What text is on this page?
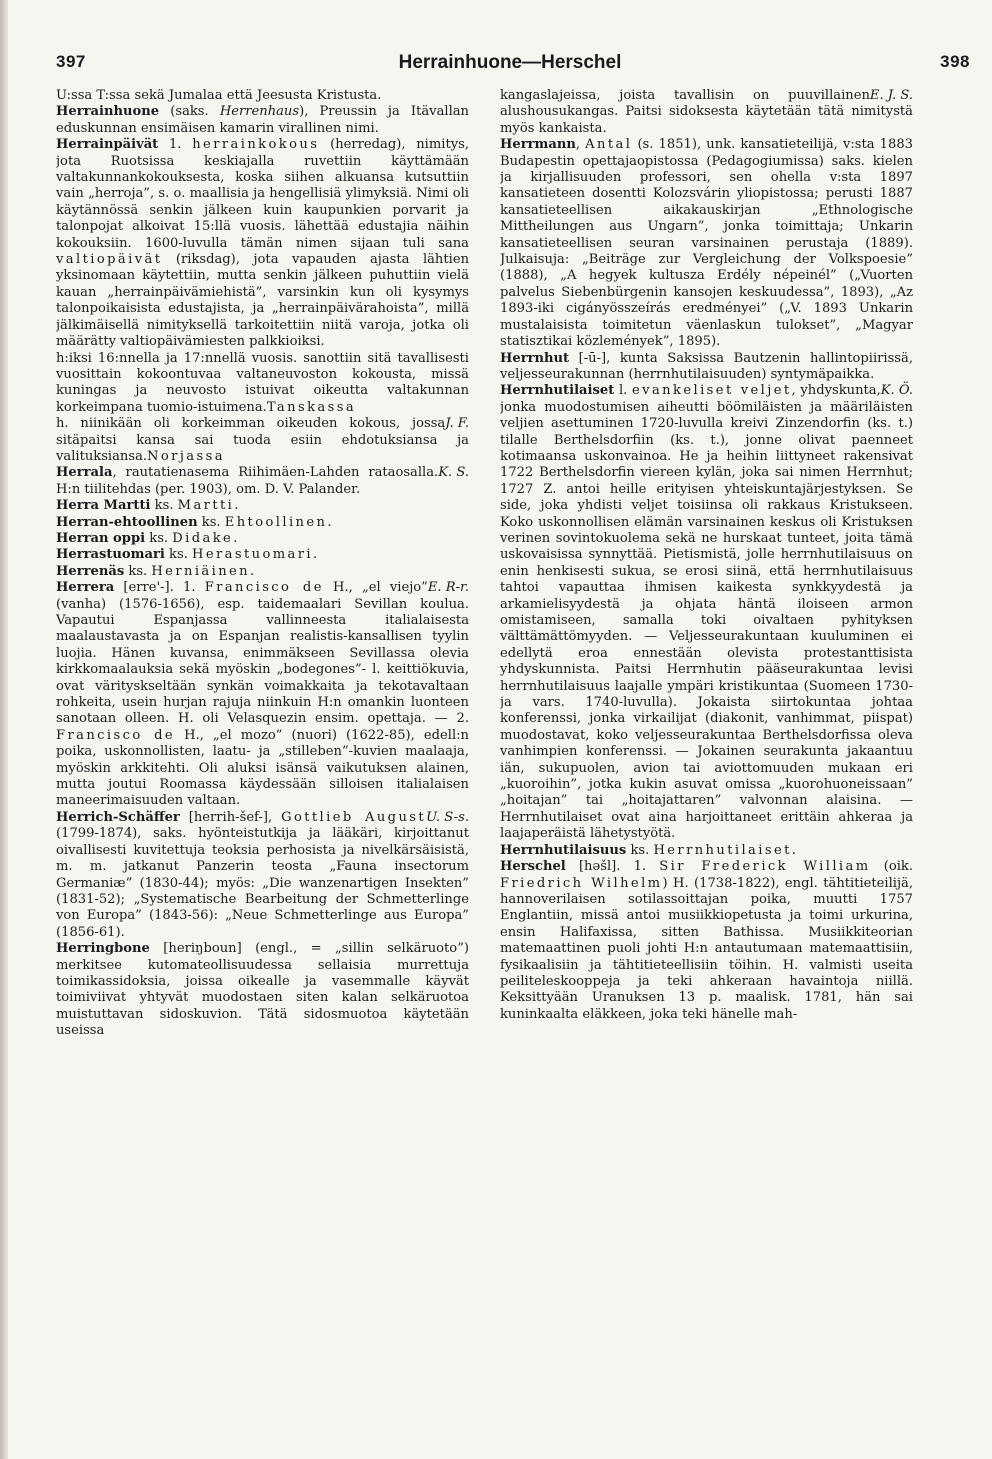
397	Herrainhuone—Herschel	398

U:ssa T:ssa sekä Jumalaa että Jeesusta Kristusta.

Herrainhuone (saks. Herrenhaus), Preussin ja Itävallan eduskunnan ensimäisen kamarin virallinen nimi.

Herrainpäivät 1. herrainkokous (herredag), nimitys, jota Ruotsissa keskiajalla ruvettiin käyttämään valtakunnankokouksesta, koska siihen alkuansa kutsuttiin vain „herroja”, s. o. maallisia ja hengellisiä ylimyksiä. Nimi oli käytännössä senkin jälkeen kuin kaupunkien porvarit ja talonpojat alkoivat 15:llä vuosis. lähettää edustajia näihin kokouksiin. 1600-luvulla tämän nimen sijaan tuli sana valtiopäivät (riksdag), jota vapauden ajasta lähtien yksinomaan käytettiin, mutta senkin jälkeen puhuttiin vielä kauan „herrainpäivämiehistä”, varsinkin kun oli kysymys talonpoikaisista edustajista, ja „herrainpäivärahoista”, millä jälkimäisellä nimityksellä tarkoitettiin niitä varoja, jotka oli määrätty valtiopäivämiesten palkkioiksi.

h:iksi 16:nnella ja 17:nnellä vuosis. sanottiin sitä tavallisesti vuosittain kokoontuvaa valtaneuvoston kokousta, missä kuningas ja neuvosto istuivat oikeutta valtakunnan korkeimpana tuomio-istuimena.Tanskassa

J. F.
h. niinikään oli korkeimman oikeuden kokous, jossa sitäpaitsi kansa sai tuoda esiin ehdotuksiansa ja valituksiansa.Norjassa

K. S.
Herrala, rautatienasema Riihimäen-Lahden rataosalla. H:n tiilitehdas (per. 1903), om. D. V. Palander.

Herra Martti ks. Martti.

Herran-ehtoollinen ks. Ehtoollinen.

Herran oppi ks. Didake.

Herrastuomari ks. Herastuomari.

Herrenäs ks. Herniäinen.

E. R-r.
Herrera [erre'-]. 1. Francisco de H., „el viejo” (vanha) (1576-1656), esp. taidemaalari Sevillan koulua. Vapautui Espanjassa vallinneesta italialaisesta maalaustavasta ja on Espanjan realistis-kansallisen tyylin luojia. Hänen kuvansa, enimmäkseen Sevillassa olevia kirkkomaalauksia sekä myöskin „bodegones”- l. keittiökuvia, ovat värityskseltään synkän voimakkaita ja tekotavaltaan rohkeita, usein hurjan rajuja niinkuin H:n omankin luonteen sanotaan olleen. H. oli Velasquezin ensim. opettaja. — 2. Francisco de H., „el mozo” (nuori) (1622-85), edell:n poika, uskonnollisten, laatu- ja „stilleben”-kuvien maalaaja, myöskin arkkitehti. Oli aluksi isänsä vaikutuksen alainen, mutta joutui Roomassa käydessään silloisen italialaisen maneerimaisuuden valtaan.

U. S-s.
Herrich-Schäffer [herrih-šef-], Gottlieb August (1799-1874), saks. hyönteistutkija ja lääkäri, kirjoittanut oivallisesti kuvitettuja teoksia perhosista ja nivelkärsäisistä, m. m. jatkanut Panzerin teosta „Fauna insectorum Germaniæ” (1830-44); myös: „Die wanzenartigen Insekten” (1831-52); „Systematische Bearbeitung der Schmetterlinge von Europa” (1843-56): „Neue Schmetterlinge aus Europa” (1856-61).

Herringbone [heriŋboun] (engl., = „sillin selkäruoto”) merkitsee kutomateollisuudessa sellaisia murrettuja toimikassidoksia, joissa oikealle ja vasemmalle käyvät toimiviivat yhtyvät muodostaen siten kalan selkäruotoa muistuttavan sidoskuvion. Tätä sidosmuotoa käytetään useissa

E. J. S.
kangaslajeissa, joista tavallisin on puuvillainen alushousukangas. Paitsi sidoksesta käytetään tätä nimitystä myös kankaista.

Herrmann, Antal (s. 1851), unk. kansatieteilijä, v:sta 1883 Budapestin opettajaopistossa (Pedagogiumissa) saks. kielen ja kirjallisuuden professori, sen ohella v:sta 1897 kansatieteen dosentti Kolozsvárin yliopistossa; perusti 1887 kansatieteellisen aikakauskirjan „Ethnologische Mittheilungen aus Ungarn”, jonka toimittaja; Unkarin kansatieteellisen seuran varsinainen perustaja (1889). Julkaisuja: „Beiträge zur Vergleichung der Volkspoesie” (1888), „A hegyek kultusza Erdély népeinél” („Vuorten palvelus Siebenbürgenin kansojen keskuudessa”, 1893), „Az 1893-iki cigányösszeírás eredményei” („V. 1893 Unkarin mustalaisista toimitetun väenlaskun tulokset”, „Magyar statisztikai közlemények”, 1895).

Herrnhut [-ū-], kunta Saksissa Bautzenin hallintopiirissä, veljesseurakunnan (herrnhutilaisuuden) syntymäpaikka.

K. Ö.
Herrnhutilaiset l. evankeliset veljet, yhdyskunta, jonka muodostumisen aiheutti böömiläisten ja määriläisten veljien asettuminen 1720-luvulla kreivi Zinzendorfin (ks. t.) tilalle Berthelsdorfiin (ks. t.), jonne olivat paenneet kotimaansa uskonvainoa. He ja heihin liittyneet rakensivat 1722 Berthelsdorfin viereen kylän, joka sai nimen Herrnhut; 1727 Z. antoi heille erityisen yhteiskuntajärjestyksen. Se side, joka yhdisti veljet toisiinsa oli rakkaus Kristukseen. Koko uskonnollisen elämän varsinainen keskus oli Kristuksen verinen sovintokuolema sekä ne hurskaat tunteet, joita tämä uskovaisissa synnyttää. Pietismistä, jolle herrnhutilaisuus on enin henkisesti sukua, se erosi siinä, että herrnhutilaisuus tahtoi vapauttaa ihmisen kaikesta synkkyydestä ja arkamielisyydestä ja ohjata häntä iloiseen armon omistamiseen, samalla toki oivaltaen pyhityksen välttämättömyyden. — Veljesseurakuntaan kuuluminen ei edellytä eroa ennestään olevista protestanttisista yhdyskunnista. Paitsi Herrnhutin pääseurakuntaa levisi herrnhutilaisuus laajalle ympäri kristikuntaa (Suomeen 1730- ja vars. 1740-luvulla). Jokaista siirtokuntaa johtaa konferenssi, jonka virkailijat (diakonit, vanhimmat, piispat) muodostavat, koko veljesseurakuntaa Berthelsdorfissa oleva vanhimpien konferenssi. — Jokainen seurakunta jakaantuu iän, sukupuolen, avion tai aviottomuuden mukaan eri „kuoroihin”, jotka kukin asuvat omissa „kuorohuoneissaan” „hoitajan” tai „hoitajattaren” valvonnan alaisina. — Herrnhutilaiset ovat aina harjoittaneet erittäin ahkeraa ja laajaperäistä lähetystyötä.

Herrnhutilaisuus ks. Herrnhutilaiset.

Herschel [hǝšl]. 1. Sir Frederick William (oik. Friedrich Wilhelm) H. (1738-1822), engl. tähtitieteilijä, hannoverilaisen sotilassoittajan poika, muutti 1757 Englantiin, missä antoi musiikkiopetusta ja toimi urkurina, ensin Halifaxissa, sitten Bathissa. Musiikkiteorian matemaattinen puoli johti H:n antautumaan matemaattisiin, fysikaalisiin ja tähtitieteellisiin töihin. H. valmisti useita peiliteleskooppeja ja teki ahkeraan havaintoja niillä. Keksittyään Uranuksen 13 p. maalisk. 1781, hän sai kuninkaalta eläkkeen, joka teki hänelle mah-
